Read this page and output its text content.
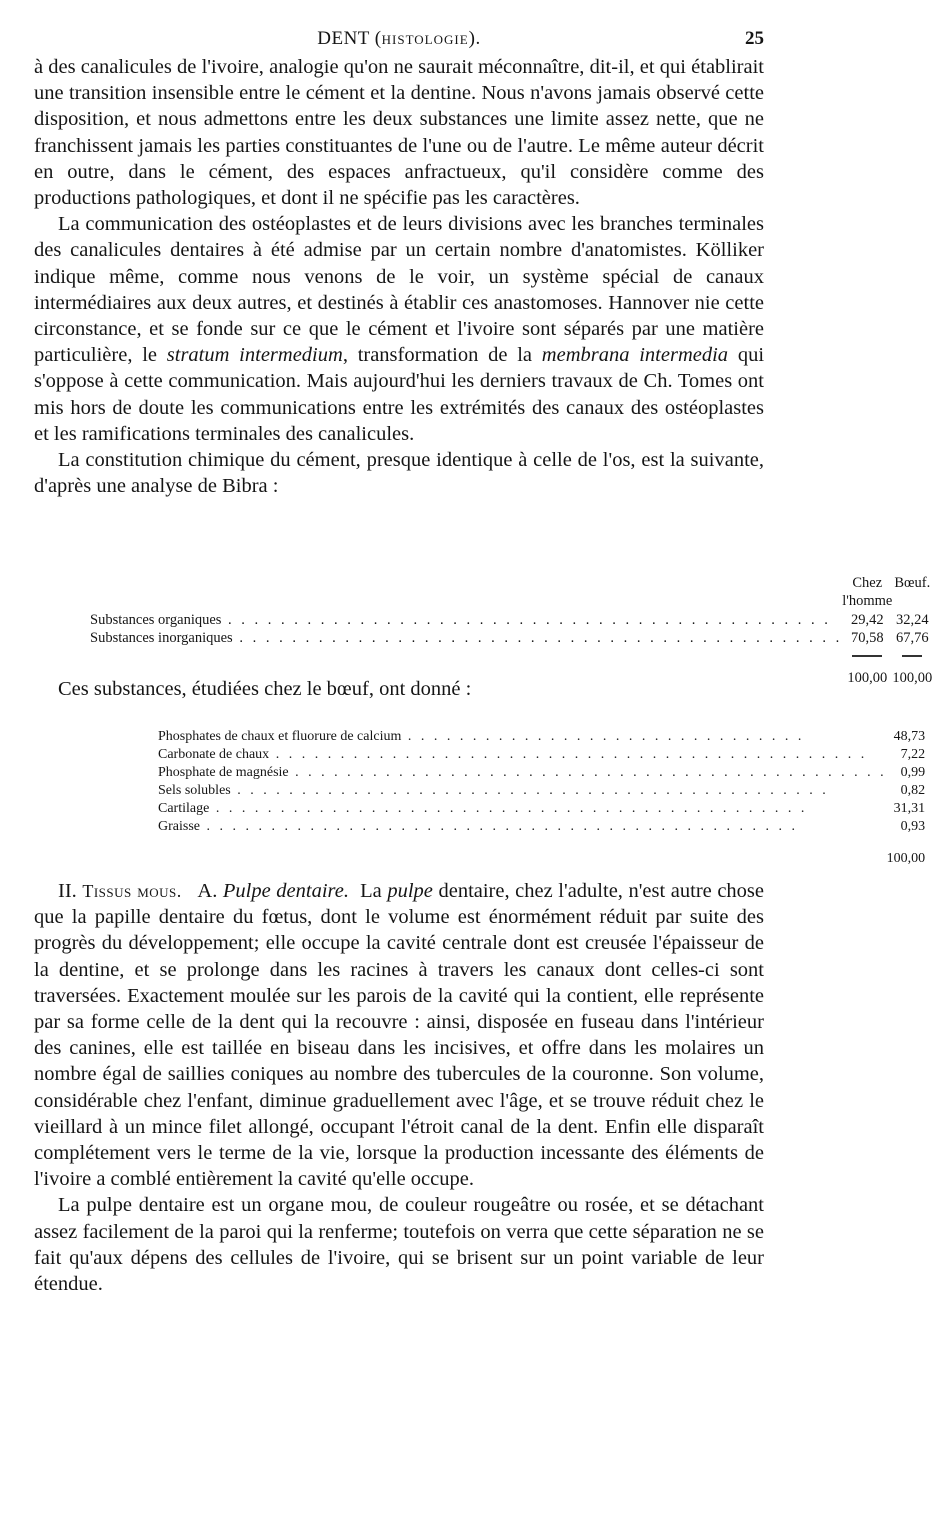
DENT (HISTOLOGIE).	25

à des canalicules de l'ivoire, analogie qu'on ne saurait méconnaître, dit-il, et qui établirait une transition insensible entre le cément et la dentine. Nous n'avons jamais observé cette disposition, et nous admettons entre les deux substances une limite assez nette, que ne franchissent jamais les parties constituantes de l'une ou de l'autre. Le même auteur décrit en outre, dans le cément, des espaces anfractueux, qu'il considère comme des productions pathologiques, et dont il ne spécifie pas les caractères.

La communication des ostéoplastes et de leurs divisions avec les branches terminales des canalicules dentaires à été admise par un certain nombre d'anatomistes. Kölliker indique même, comme nous venons de le voir, un système spécial de canaux intermédiaires aux deux autres, et destinés à établir ces anastomoses. Hannover nie cette circonstance, et se fonde sur ce que le cément et l'ivoire sont séparés par une matière particulière, le stratum intermedium, transformation de la membrana intermedia qui s'oppose à cette communication. Mais aujourd'hui les derniers travaux de Ch. Tomes ont mis hors de doute les communications entre les extrémités des canaux des ostéoplastes et les ramifications terminales des canalicules.

La constitution chimique du cément, presque identique à celle de l'os, est la suivante, d'après une analyse de Bibra :

	Chez l'homme	Bœuf.
Substances organiques . . . . . . . . . . . . . . . . . . . . . . . . . . . . . . . . . . . . . . . . . . . . . .	29,42	32,24
Substances inorganiques . . . . . . . . . . . . . . . . . . . . . . . . . . . . . . . . . . . . . . . . . . . . . .	70,58	67,76

	100,00	100,00

Ces substances, étudiées chez le bœuf, ont donné :

Phosphates de chaux et fluorure de calcium . . . . . . . . . . . . . . . . . . . . . . . . . . . . . . .	48,73
Carbonate de chaux . . . . . . . . . . . . . . . . . . . . . . . . . . . . . . . . . . . . . . . . . . . . . .	7,22
Phosphate de magnésie . . . . . . . . . . . . . . . . . . . . . . . . . . . . . . . . . . . . . . . . . . . . . .	0,99
Sels solubles . . . . . . . . . . . . . . . . . . . . . . . . . . . . . . . . . . . . . . . . . . . . . .	0,82
Cartilage . . . . . . . . . . . . . . . . . . . . . . . . . . . . . . . . . . . . . . . . . . . . . .	31,31
Graisse . . . . . . . . . . . . . . . . . . . . . . . . . . . . . . . . . . . . . . . . . . . . . .	0,93
	100,00

II. Tissus mous. A. Pulpe dentaire. La pulpe dentaire, chez l'adulte, n'est autre chose que la papille dentaire du fœtus, dont le volume est énormément réduit par suite des progrès du développement; elle occupe la cavité centrale dont est creusée l'épaisseur de la dentine, et se prolonge dans les racines à travers les canaux dont celles-ci sont traversées. Exactement moulée sur les parois de la cavité qui la contient, elle représente par sa forme celle de la dent qui la recouvre : ainsi, disposée en fuseau dans l'intérieur des canines, elle est taillée en biseau dans les incisives, et offre dans les molaires un nombre égal de saillies coniques au nombre des tubercules de la couronne. Son volume, considérable chez l'enfant, diminue graduellement avec l'âge, et se trouve réduit chez le vieillard à un mince filet allongé, occupant l'étroit canal de la dent. Enfin elle disparaît complétement vers le terme de la vie, lorsque la production incessante des éléments de l'ivoire a comblé entièrement la cavité qu'elle occupe.

La pulpe dentaire est un organe mou, de couleur rougeâtre ou rosée, et se détachant assez facilement de la paroi qui la renferme; toutefois on verra que cette séparation ne se fait qu'aux dépens des cellules de l'ivoire, qui se brisent sur un point variable de leur étendue.
